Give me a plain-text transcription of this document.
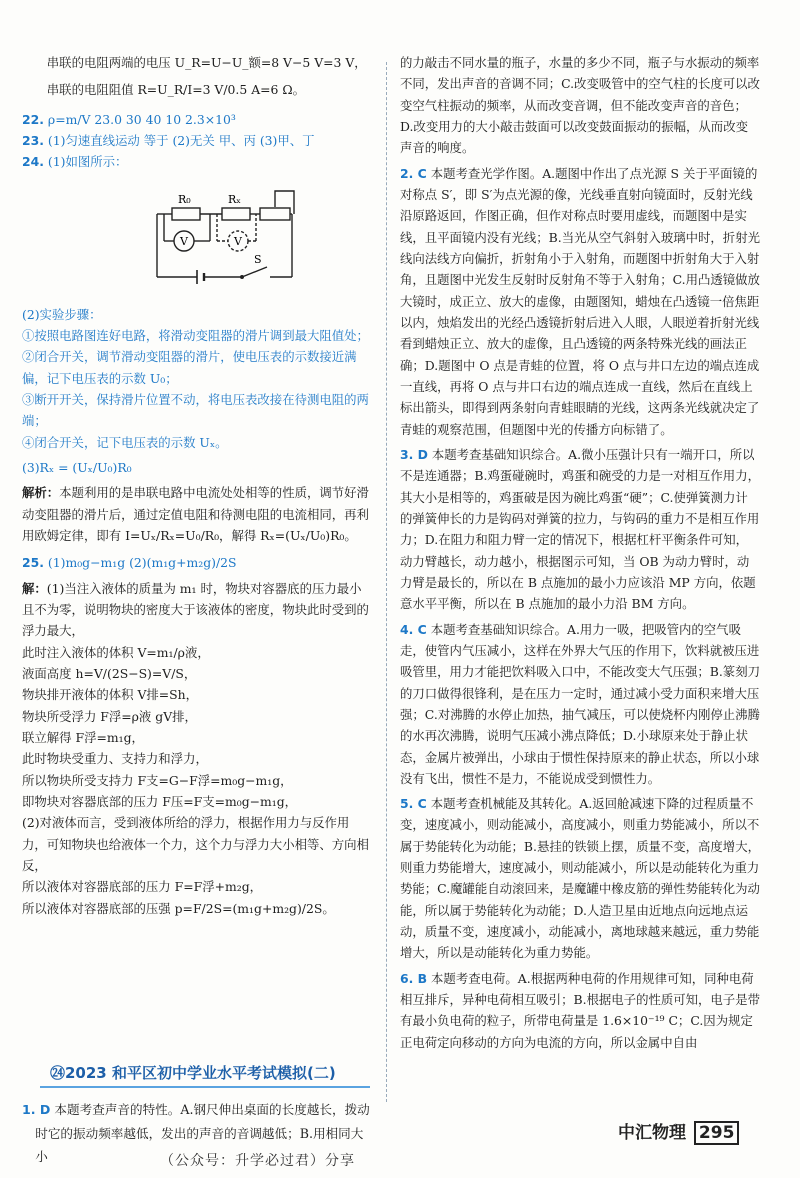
串联的电阻两端的电压 U_R=U−U_额=8 V−5 V=3 V，

串联的电阻阻值 R=U_R/I=3 V/0.5 A=6 Ω。

22. ρ=m/V 23.0 30 40 10 2.3×10³

23. (1)匀速直线运动 等于 (2)无关 甲、丙 (3)甲、丁

24. (1)如图所示：

R₀	Rₓ
V	V
S

(2)实验步骤：

①按照电路图连好电路，将滑动变阻器的滑片调到最大阻值处；

②闭合开关，调节滑动变阻器的滑片，使电压表的示数接近满偏，记下电压表的示数 U₀；

③断开开关，保持滑片位置不动，将电压表改接在待测电阻的两端；

④闭合开关，记下电压表的示数 Uₓ。

(3)Rₓ = (Uₓ/U₀)R₀

解析：本题利用的是串联电路中电流处处相等的性质，调节好滑动变阻器的滑片后，通过定值电阻和待测电阻的电流相同，再利用欧姆定律，即有 I=Uₓ/Rₓ=U₀/R₀，解得 Rₓ=(Uₓ/U₀)R₀。

25. (1)m₀g−m₁g (2)(m₁g+m₂g)/2S

解：(1)当注入液体的质量为 m₁ 时，物块对容器底的压力最小且不为零，说明物块的密度大于该液体的密度，物块此时受到的浮力最大，

此时注入液体的体积 V=m₁/ρ液，

液面高度 h=V/(2S−S)=V/S，

物块排开液体的体积 V排=Sh，

物块所受浮力 F浮=ρ液 gV排，

联立解得 F浮=m₁g，

此时物块受重力、支持力和浮力，

所以物块所受支持力 F支=G−F浮=m₀g−m₁g，

即物块对容器底部的压力 F压=F支=m₀g−m₁g，

(2)对液体而言，受到液体所给的浮力，根据作用力与反作用力，可知物块也给液体一个力，这个力与浮力大小相等、方向相反，

所以液体对容器底部的压力 F=F浮+m₂g，

所以液体对容器底部的压强 p=F/2S=(m₁g+m₂g)/2S。

㉔2023 和平区初中学业水平考试模拟(二)

1. D 本题考查声音的特性。A.钢尺伸出桌面的长度越长，拨动时它的振动频率越低，发出的声音的音调越低；B.用相同大小

的力敲击不同水量的瓶子，水量的多少不同，瓶子与水振动的频率不同，发出声音的音调不同；C.改变吸管中的空气柱的长度可以改变空气柱振动的频率，从而改变音调，但不能改变声音的音色；D.改变用力的大小敲击鼓面可以改变鼓面振动的振幅，从而改变声音的响度。

2. C 本题考查光学作图。A.题图中作出了点光源 S 关于平面镜的对称点 S′，即 S′为点光源的像，光线垂直射向镜面时，反射光线沿原路返回，作图正确，但作对称点时要用虚线，而题图中是实线，且平面镜内没有光线；B.当光从空气斜射入玻璃中时，折射光线向法线方向偏折，折射角小于入射角，而题图中折射角大于入射角，且题图中光发生反射时反射角不等于入射角；C.用凸透镜做放大镜时，成正立、放大的虚像，由题图知，蜡烛在凸透镜一倍焦距以内，烛焰发出的光经凸透镜折射后进入人眼，人眼逆着折射光线看到蜡烛正立、放大的虚像，且凸透镜的两条特殊光线的画法正确；D.题图中 O 点是青蛙的位置，将 O 点与井口左边的端点连成一直线，再将 O 点与井口右边的端点连成一直线，然后在直线上标出箭头，即得到两条射向青蛙眼睛的光线，这两条光线就决定了青蛙的观察范围，但题图中光的传播方向标错了。

3. D 本题考查基础知识综合。A.微小压强计只有一端开口，所以不是连通器；B.鸡蛋碰碗时，鸡蛋和碗受的力是一对相互作用力，其大小是相等的，鸡蛋破是因为碗比鸡蛋“硬”；C.使弹簧测力计的弹簧伸长的力是钩码对弹簧的拉力，与钩码的重力不是相互作用力；D.在阻力和阻力臂一定的情况下，根据杠杆平衡条件可知，动力臂越长，动力越小，根据图示可知，当 OB 为动力臂时，动力臂是最长的，所以在 B 点施加的最小力应该沿 MP 方向，依题意水平平衡，所以在 B 点施加的最小力沿 BM 方向。

4. C 本题考查基础知识综合。A.用力一吸，把吸管内的空气吸走，使管内气压减小，这样在外界大气压的作用下，饮料就被压进吸管里，用力才能把饮料吸入口中，不能改变大气压强；B.篆刻刀的刀口做得很锋利，是在压力一定时，通过减小受力面积来增大压强；C.对沸腾的水停止加热，抽气减压，可以使烧杯内刚停止沸腾的水再次沸腾，说明气压减小沸点降低；D.小球原来处于静止状态，金属片被弹出，小球由于惯性保持原来的静止状态，所以小球没有飞出，惯性不是力，不能说成受到惯性力。

5. C 本题考查机械能及其转化。A.返回舱减速下降的过程质量不变，速度减小，则动能减小，高度减小，则重力势能减小，所以不属于势能转化为动能；B.悬挂的铁锁上摆，质量不变，高度增大，则重力势能增大，速度减小，则动能减小，所以是动能转化为重力势能；C.魔罐能自动滚回来，是魔罐中橡皮筋的弹性势能转化为动能，所以属于势能转化为动能；D.人造卫星由近地点向远地点运动，质量不变，速度减小，动能减小，离地球越来越远，重力势能增大，所以是动能转化为重力势能。

6. B 本题考查电荷。A.根据两种电荷的作用规律可知，同种电荷相互排斥，异种电荷相互吸引；B.根据电子的性质可知，电子是带有最小负电荷的粒子，所带电荷量是 1.6×10⁻¹⁹ C；C.因为规定正电荷定向移动的方向为电流的方向，所以金属中自由

中汇物理 295
（公众号：升学必过君）分享
